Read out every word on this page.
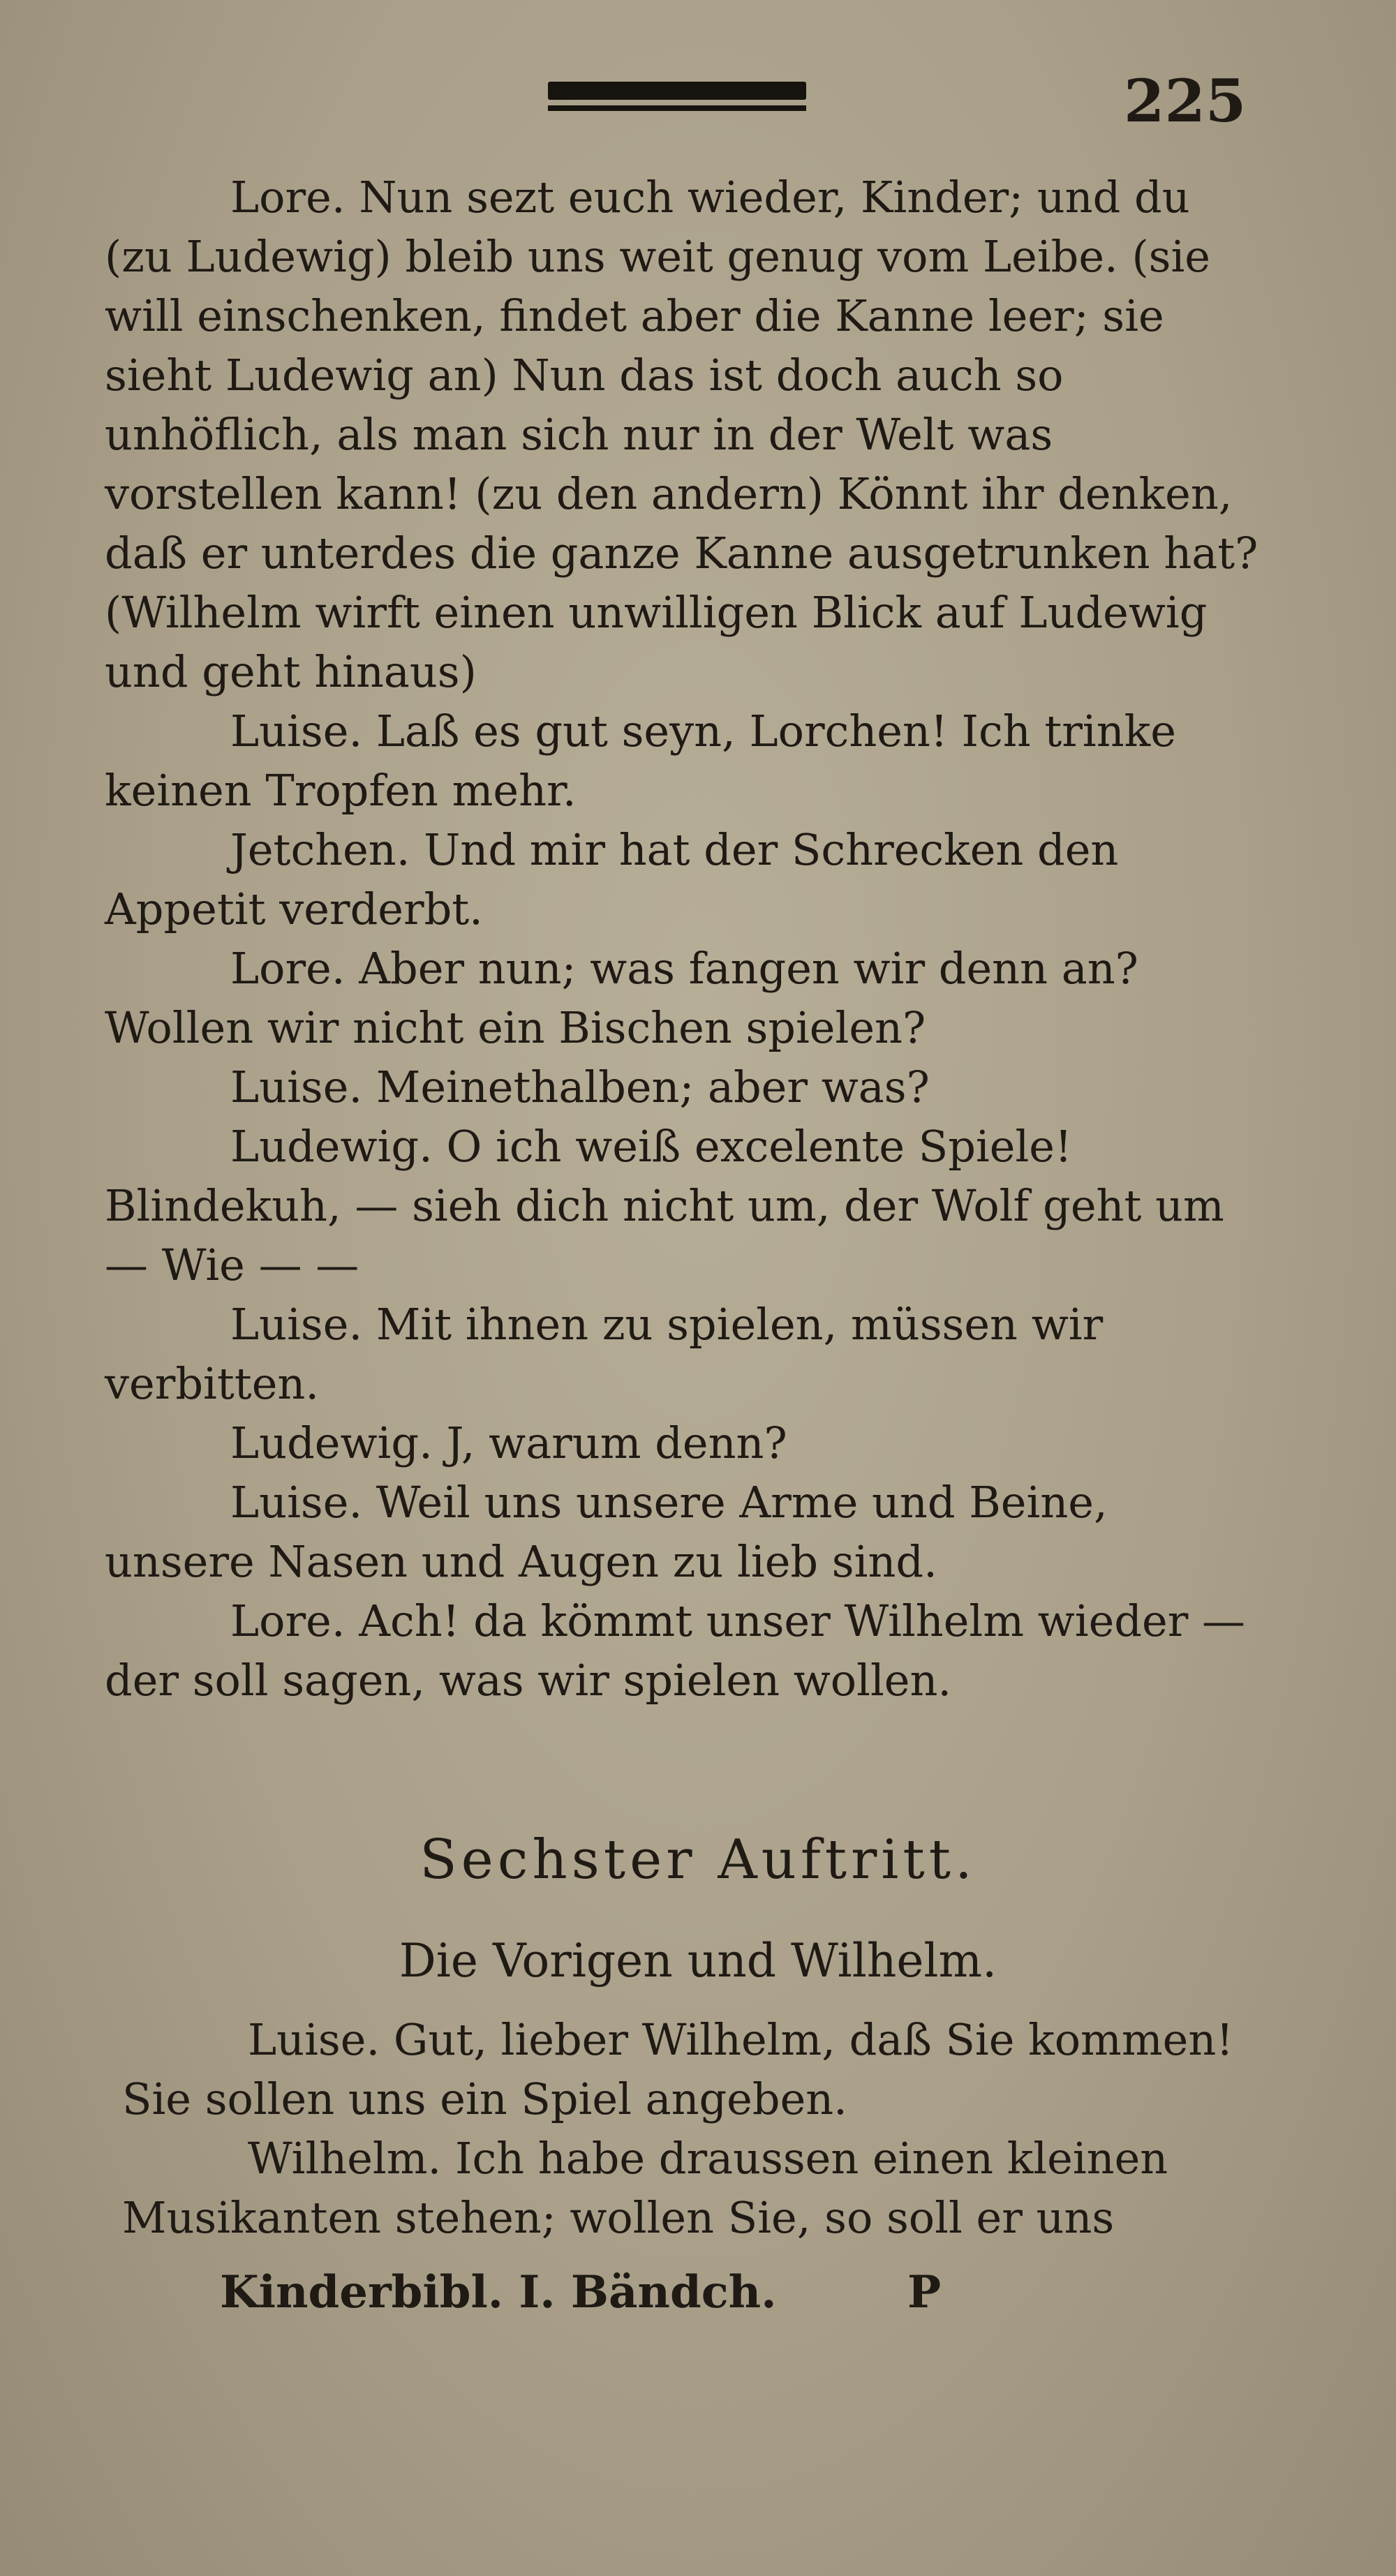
225

Lore. Nun sezt euch wieder, Kinder; und du (zu Ludewig) bleib uns weit genug vom Leibe. (sie will einschenken, findet aber die Kanne leer; sie sieht Ludewig an) Nun das ist doch auch so unhöflich, als man sich nur in der Welt was vorstellen kann! (zu den andern) Könnt ihr denken, daß er unterdes die ganze Kanne ausgetrunken hat? (Wilhelm wirft einen unwilligen Blick auf Ludewig und geht hinaus)

Luise. Laß es gut seyn, Lorchen! Ich trinke keinen Tropfen mehr.

Jetchen. Und mir hat der Schrecken den Appetit verderbt.

Lore. Aber nun; was fangen wir denn an? Wollen wir nicht ein Bischen spielen?

Luise. Meinethalben; aber was?

Ludewig. O ich weiß excelente Spiele! Blindekuh, — sieh dich nicht um, der Wolf geht um — Wie — —

Luise. Mit ihnen zu spielen, müssen wir verbitten.

Ludewig. J, warum denn?

Luise. Weil uns unsere Arme und Beine, unsere Nasen und Augen zu lieb sind.

Lore. Ach! da kömmt unser Wilhelm wieder — der soll sagen, was wir spielen wollen.

Sechster Auftritt.
Die Vorigen und Wilhelm.

Luise. Gut, lieber Wilhelm, daß Sie kommen! Sie sollen uns ein Spiel angeben.

Wilhelm. Ich habe draussen einen kleinen Musikanten stehen; wollen Sie, so soll er uns

Kinderbibl. I. Bändch.	P
